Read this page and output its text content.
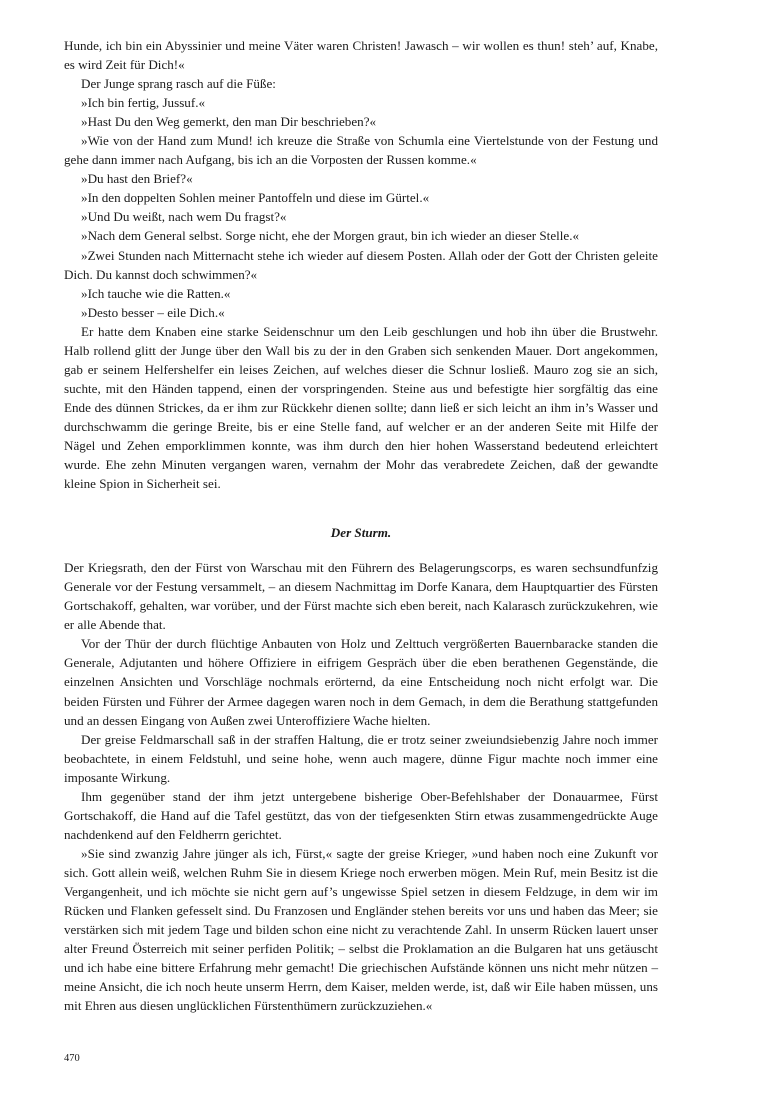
Hunde, ich bin ein Abyssinier und meine Väter waren Christen! Jawasch – wir wollen es thun! steh’ auf, Knabe, es wird Zeit für Dich!«

Der Junge sprang rasch auf die Füße:

»Ich bin fertig, Jussuf.«

»Hast Du den Weg gemerkt, den man Dir beschrieben?«

»Wie von der Hand zum Mund! ich kreuze die Straße von Schumla eine Viertelstunde von der Festung und gehe dann immer nach Aufgang, bis ich an die Vorposten der Russen komme.«

»Du hast den Brief?«

»In den doppelten Sohlen meiner Pantoffeln und diese im Gürtel.«

»Und Du weißt, nach wem Du fragst?«

»Nach dem General selbst. Sorge nicht, ehe der Morgen graut, bin ich wieder an dieser Stelle.«

»Zwei Stunden nach Mitternacht stehe ich wieder auf diesem Posten. Allah oder der Gott der Christen geleite Dich. Du kannst doch schwimmen?«

»Ich tauche wie die Ratten.«

»Desto besser – eile Dich.«

Er hatte dem Knaben eine starke Seidenschnur um den Leib geschlungen und hob ihn über die Brustwehr. Halb rollend glitt der Junge über den Wall bis zu der in den Graben sich senkenden Mauer. Dort angekommen, gab er seinem Helfershelfer ein leises Zeichen, auf welches dieser die Schnur losließ. Mauro zog sie an sich, suchte, mit den Händen tappend, einen der vorspringenden. Steine aus und befestigte hier sorgfältig das eine Ende des dünnen Strickes, da er ihm zur Rückkehr dienen sollte; dann ließ er sich leicht an ihm in’s Wasser und durchschwamm die geringe Breite, bis er eine Stelle fand, auf welcher er an der anderen Seite mit Hilfe der Nägel und Zehen emporklimmen konnte, was ihm durch den hier hohen Wasserstand bedeutend erleichtert wurde. Ehe zehn Minuten vergangen waren, vernahm der Mohr das verabredete Zeichen, daß der gewandte kleine Spion in Sicherheit sei.

Der Sturm.

Der Kriegsrath, den der Fürst von Warschau mit den Führern des Belagerungscorps, es waren sechsundfunfzig Generale vor der Festung versammelt, – an diesem Nachmittag im Dorfe Kanara, dem Hauptquartier des Fürsten Gortschakoff, gehalten, war vorüber, und der Fürst machte sich eben bereit, nach Kalarasch zurückzukehren, wie er alle Abende that.

Vor der Thür der durch flüchtige Anbauten von Holz und Zelttuch vergrößerten Bauernbaracke standen die Generale, Adjutanten und höhere Offiziere in eifrigem Gespräch über die eben berathenen Gegenstände, die einzelnen Ansichten und Vorschläge nochmals erörternd, da eine Entscheidung noch nicht erfolgt war. Die beiden Fürsten und Führer der Armee dagegen waren noch in dem Gemach, in dem die Berathung stattgefunden und an dessen Eingang von Außen zwei Unteroffiziere Wache hielten.

Der greise Feldmarschall saß in der straffen Haltung, die er trotz seiner zweiundsiebenzig Jahre noch immer beobachtete, in einem Feldstuhl, und seine hohe, wenn auch magere, dünne Figur machte noch immer eine imposante Wirkung.

Ihm gegenüber stand der ihm jetzt untergebene bisherige Ober-Befehlshaber der Donauarmee, Fürst Gortschakoff, die Hand auf die Tafel gestützt, das von der tiefgesenkten Stirn etwas zusammengedrückte Auge nachdenkend auf den Feldherrn gerichtet.

»Sie sind zwanzig Jahre jünger als ich, Fürst,« sagte der greise Krieger, »und haben noch eine Zukunft vor sich. Gott allein weiß, welchen Ruhm Sie in diesem Kriege noch erwerben mögen. Mein Ruf, mein Besitz ist die Vergangenheit, und ich möchte sie nicht gern auf’s ungewisse Spiel setzen in diesem Feldzuge, in dem wir im Rücken und Flanken gefesselt sind. Du Franzosen und Engländer stehen bereits vor uns und haben das Meer; sie verstärken sich mit jedem Tage und bilden schon eine nicht zu verachtende Zahl. In unserm Rücken lauert unser alter Freund Österreich mit seiner perfiden Politik; – selbst die Proklamation an die Bulgaren hat uns getäuscht und ich habe eine bittere Erfahrung mehr gemacht! Die griechischen Aufstände können uns nicht mehr nützen – meine Ansicht, die ich noch heute unserm Herrn, dem Kaiser, melden werde, ist, daß wir Eile haben müssen, uns mit Ehren aus diesen unglücklichen Fürstenthümern zurückzuziehen.«

470
